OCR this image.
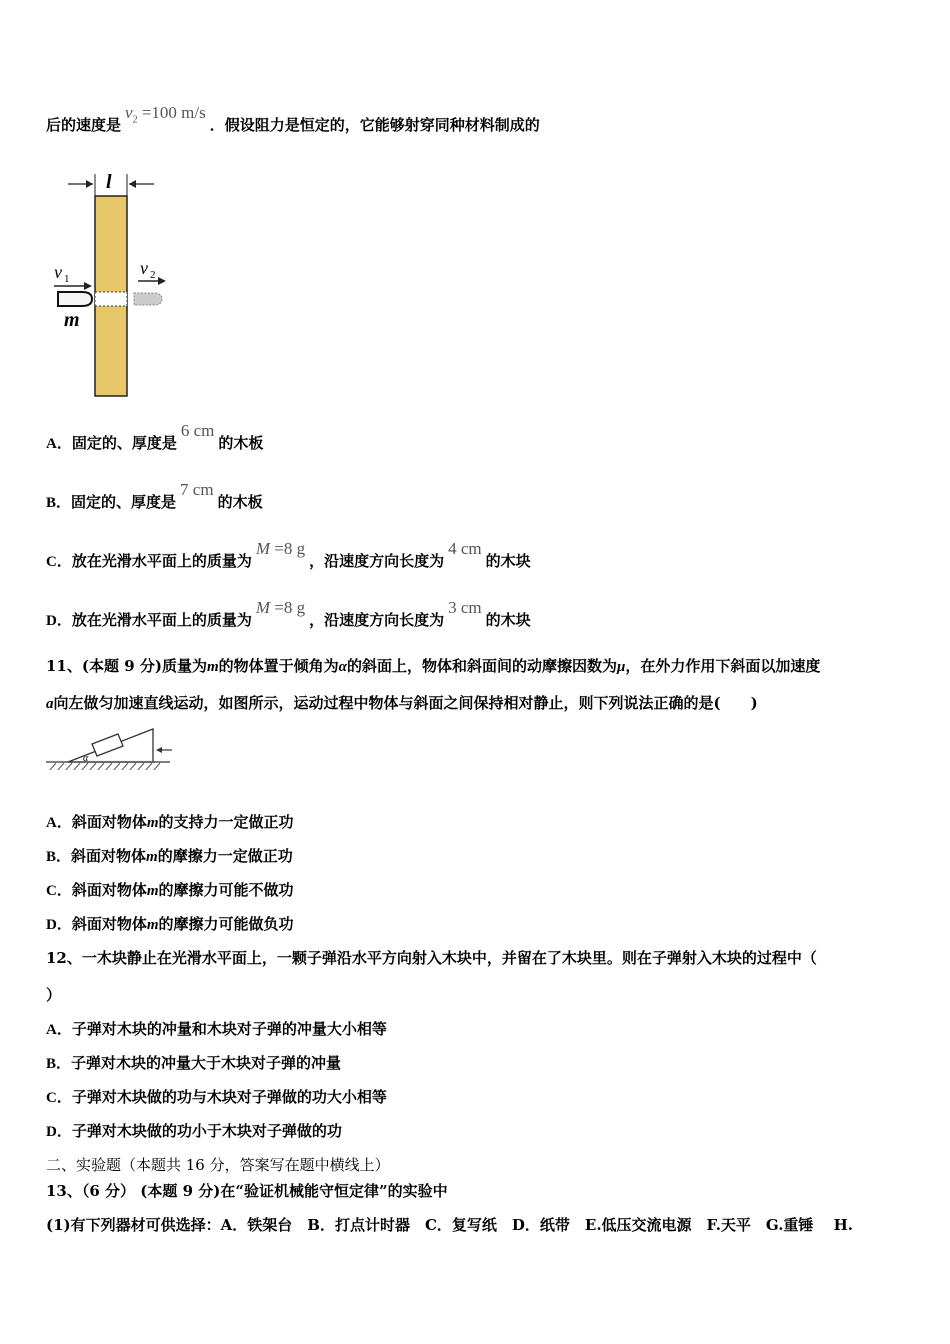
后的速度是$v_2 =100$ m/s．假设阻力是恒定的，它能够射穿同种材料制成的
l
v 1
v 2
m
A．固定的、厚度是6 cm的木板
B．固定的、厚度是7 cm的木板
C．放在光滑水平面上的质量为M =8 g，沿速度方向长度为4 cm的木块
D．放在光滑水平面上的质量为M =8 g，沿速度方向长度为3 cm的木块
11、(本题 9 分)质量为m的物体置于倾角为α的斜面上，物体和斜面间的动摩擦因数为μ，在外力作用下斜面以加速度
a向左做匀加速直线运动，如图所示，运动过程中物体与斜面之间保持相对静止，则下列说法正确的是(　　)
α
A．斜面对物体m的支持力一定做正功
B．斜面对物体m的摩擦力一定做正功
C．斜面对物体m的摩擦力可能不做功
D．斜面对物体m的摩擦力可能做负功
12、一木块静止在光滑水平面上，一颗子弹沿水平方向射入木块中，并留在了木块里。则在子弹射入木块的过程中（
）
A．子弹对木块的冲量和木块对子弹的冲量大小相等
B．子弹对木块的冲量大于木块对子弹的冲量
C．子弹对木块做的功与木块对子弹做的功大小相等
D．子弹对木块做的功小于木块对子弹做的功
二、实验题（本题共 16 分，答案写在题中横线上）
13、（6 分） (本题 9 分)在“验证机械能守恒定律”的实验中
(1)有下列器材可供选择：A．铁架台　B．打点计时器　C．复写纸　D．纸带　E.低压交流电源　F.天平　G.重锤　 H.
